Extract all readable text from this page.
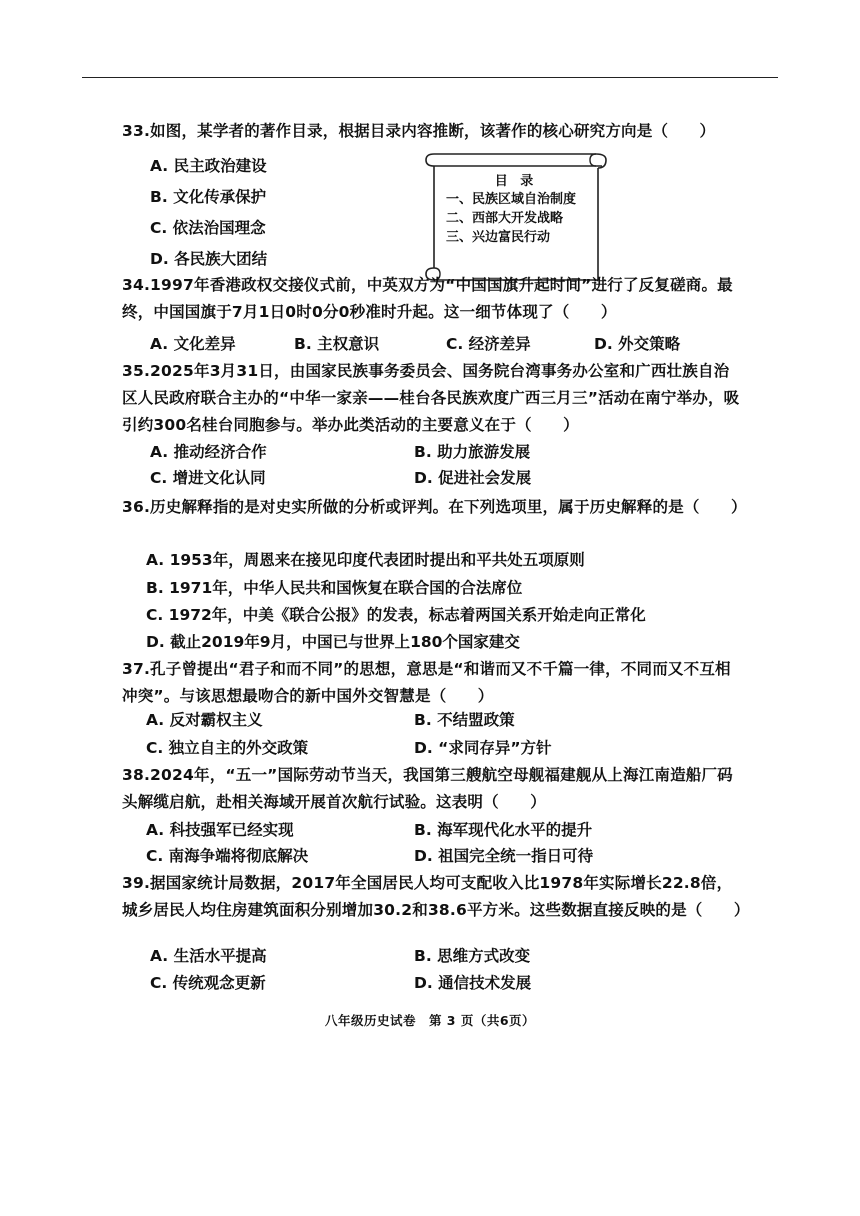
33.如图，某学者的著作目录，根据目录内容推断，该著作的核心研究方向是（　　）
A. 民主政治建设
B. 文化传承保护
C. 依法治国理念
D. 各民族大团结
目 录
一、民族区域自治制度
二、西部大开发战略
三、兴边富民行动
34.1997年香港政权交接仪式前，中英双方为“中国国旗升起时间”进行了反复磋商。最终，中国国旗于7月1日0时0分0秒准时升起。这一细节体现了（　　）
A. 文化差异	B. 主权意识	C. 经济差异	D. 外交策略
35.2025年3月31日，由国家民族事务委员会、国务院台湾事务办公室和广西壮族自治区人民政府联合主办的“中华一家亲——桂台各民族欢度广西三月三”活动在南宁举办，吸引约300名桂台同胞参与。举办此类活动的主要意义在于（　　）
A. 推动经济合作	B. 助力旅游发展
C. 增进文化认同	D. 促进社会发展
36.历史解释指的是对史实所做的分析或评判。在下列选项里，属于历史解释的是（　　）
A. 1953年，周恩来在接见印度代表团时提出和平共处五项原则
B. 1971年，中华人民共和国恢复在联合国的合法席位
C. 1972年，中美《联合公报》的发表，标志着两国关系开始走向正常化
D. 截止2019年9月，中国已与世界上180个国家建交
37.孔子曾提出“君子和而不同”的思想，意思是“和谐而又不千篇一律，不同而又不互相冲突”。与该思想最吻合的新中国外交智慧是（　　）
A. 反对霸权主义	B. 不结盟政策
C. 独立自主的外交政策	D. “求同存异”方针
38.2024年，“五一”国际劳动节当天，我国第三艘航空母舰福建舰从上海江南造船厂码头解缆启航，赴相关海域开展首次航行试验。这表明（　　）
A. 科技强军已经实现	B. 海军现代化水平的提升
C. 南海争端将彻底解决	D. 祖国完全统一指日可待
39.据国家统计局数据，2017年全国居民人均可支配收入比1978年实际增长22.8倍，城乡居民人均住房建筑面积分别增加30.2和38.6平方米。这些数据直接反映的是（　　）
A. 生活水平提高	B. 思维方式改变
C. 传统观念更新	D. 通信技术发展
八年级历史试卷　第 3 页（共6页）
